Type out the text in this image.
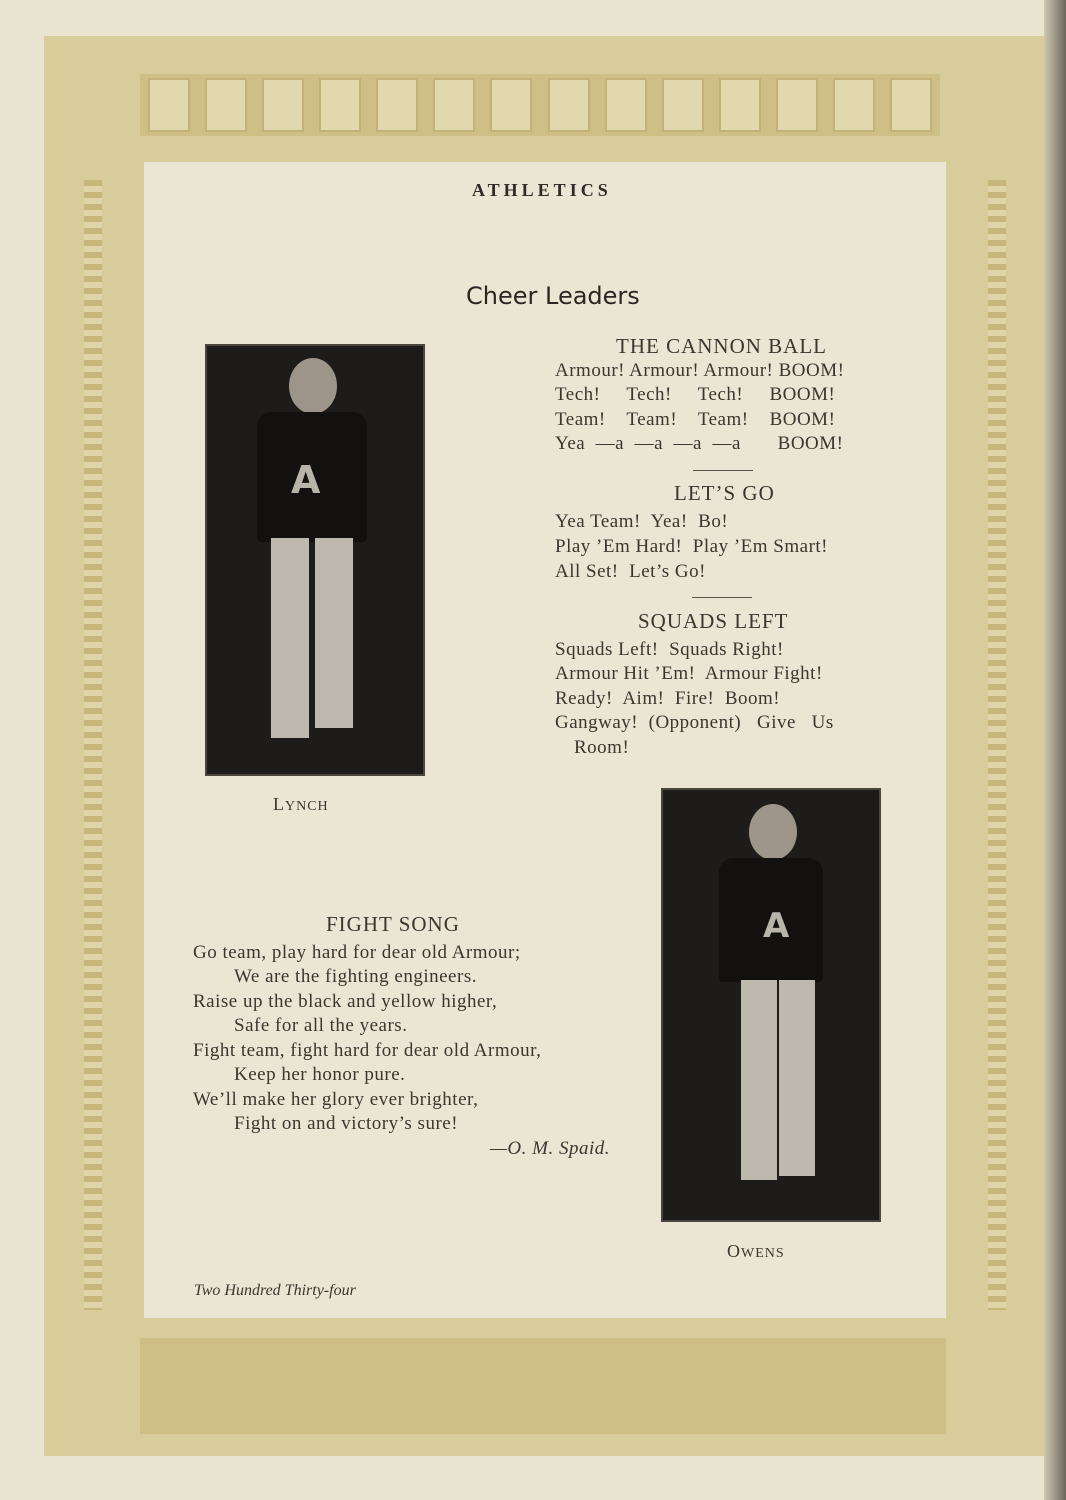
ATHLETICS
Cheer Leaders
THE CANNON BALL
Armour! Armour! Armour! BOOM!
Tech!     Tech!     Tech!     BOOM!
Team!    Team!    Team!    BOOM!
Yea  —a  —a  —a  —a       BOOM!
LET’S GO
Yea Team!  Yea!  Bo!
Play ’Em Hard!  Play ’Em Smart!
All Set!  Let’s Go!
SQUADS LEFT
Squads Left!  Squads Right!
Armour Hit ’Em!  Armour Fight!
Ready!  Aim!  Fire!  Boom!
Gangway!  (Opponent)   Give   Us
Room!
A
LYNCH
A
OWENS
FIGHT SONG
Go team, play hard for dear old Armour;
We are the fighting engineers.
Raise up the black and yellow higher,
Safe for all the years.
Fight team, fight hard for dear old Armour,
Keep her honor pure.
We’ll make her glory ever brighter,
Fight on and victory’s sure!
—O. M. Spaid.
Two Hundred Thirty-four
